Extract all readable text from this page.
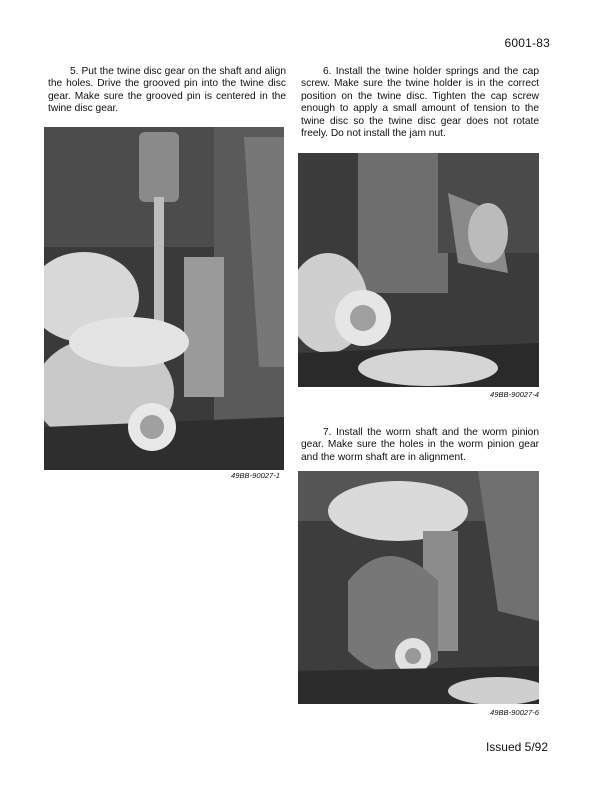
6001-83

5. Put the twine disc gear on the shaft and align the holes. Drive the grooved pin into the twine disc gear. Make sure the grooved pin is centered in the twine disc gear.

6. Install the twine holder springs and the cap screw. Make sure the twine holder is in the correct position on the twine disc. Tighten the cap screw enough to apply a small amount of tension to the twine disc so the twine disc gear does not rotate freely. Do not install the jam nut.

49BB-90027-1
49BB-90027-4

7. Install the worm shaft and the worm pinion gear. Make sure the holes in the worm pinion gear and the worm shaft are in alignment.

49BB-90027-6
Issued 5/92
